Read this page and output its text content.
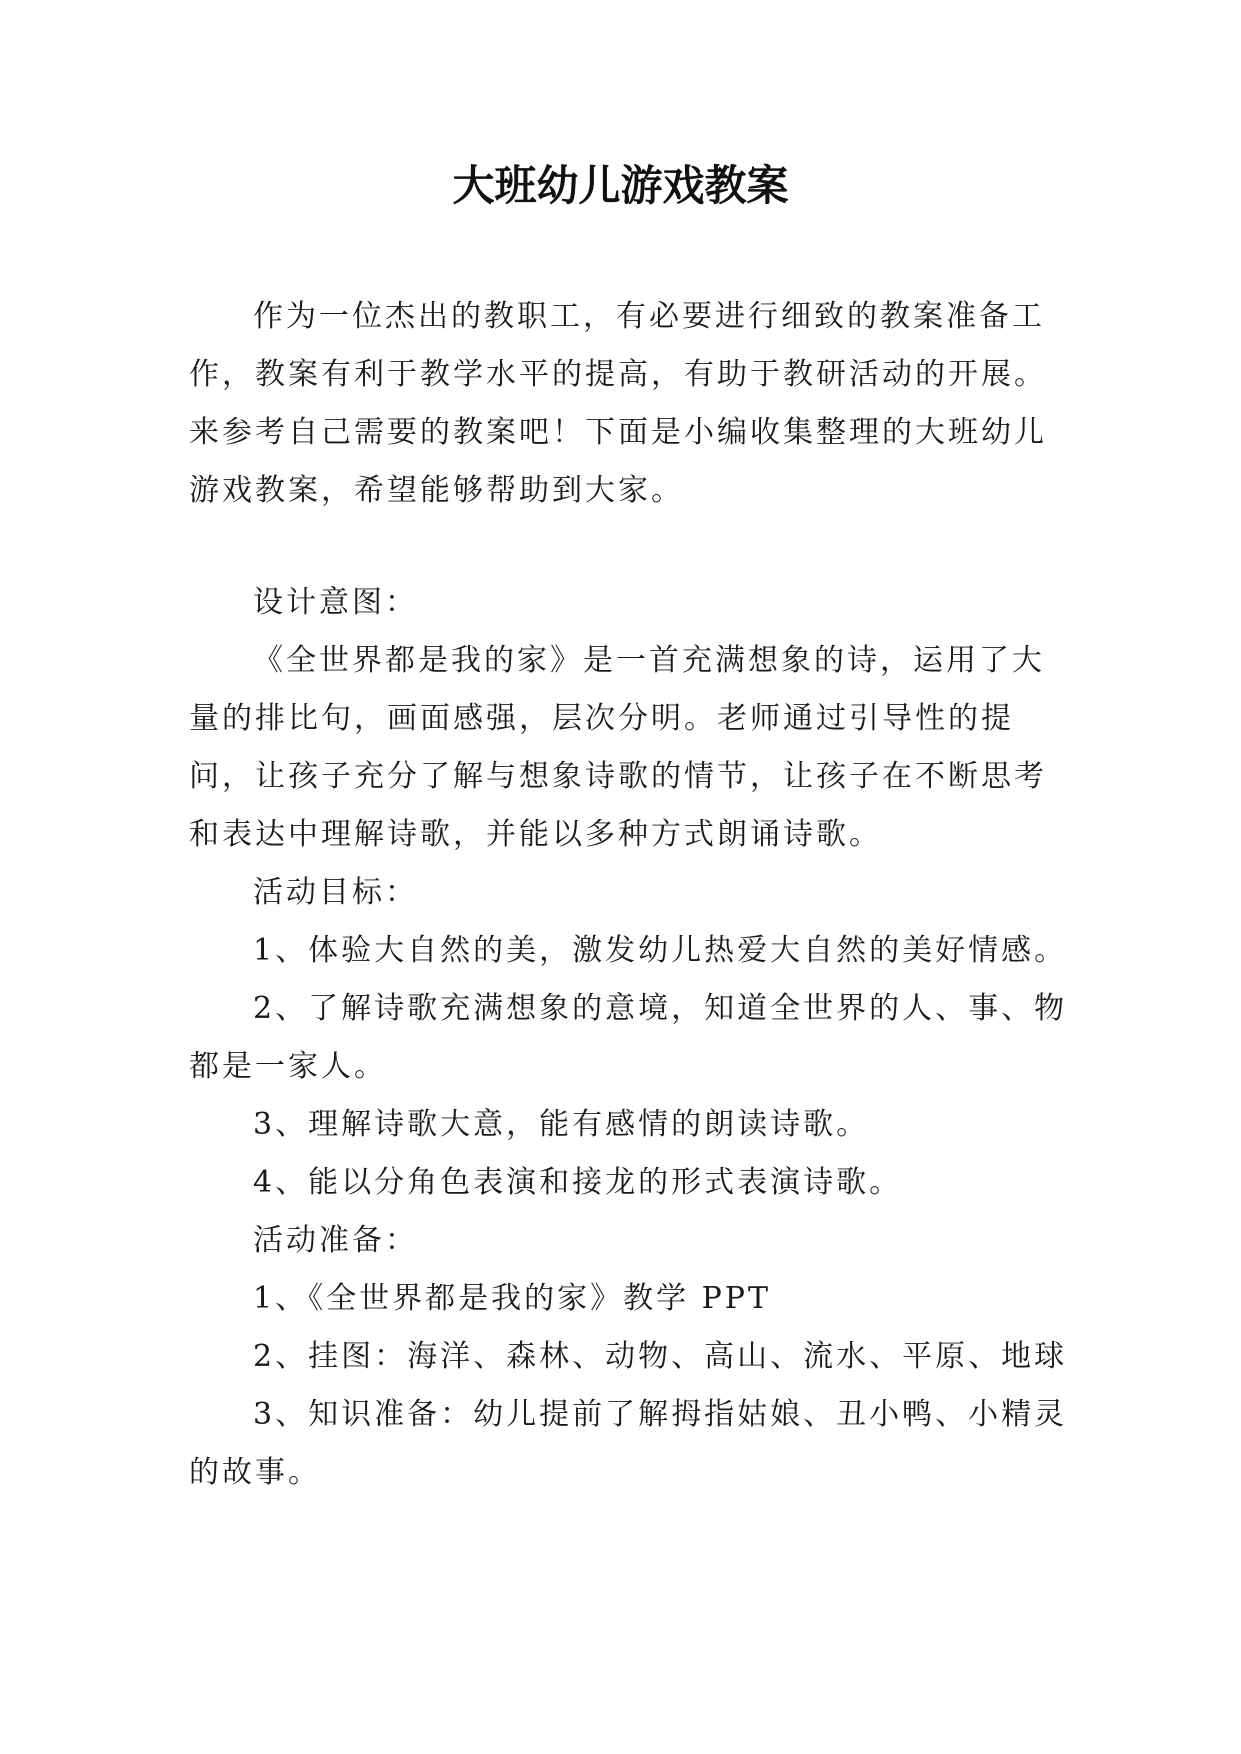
大班幼儿游戏教案

作为一位杰出的教职工，有必要进行细致的教案准备工作，教案有利于教学水平的提高，有助于教研活动的开展。来参考自己需要的教案吧！下面是小编收集整理的大班幼儿游戏教案，希望能够帮助到大家。

设计意图：

《全世界都是我的家》是一首充满想象的诗，运用了大量的排比句，画面感强，层次分明。老师通过引导性的提问，让孩子充分了解与想象诗歌的情节，让孩子在不断思考和表达中理解诗歌，并能以多种方式朗诵诗歌。

活动目标：

1、体验大自然的美，激发幼儿热爱大自然的美好情感。

2、了解诗歌充满想象的意境，知道全世界的人、事、物都是一家人。

3、理解诗歌大意，能有感情的朗读诗歌。

4、能以分角色表演和接龙的形式表演诗歌。

活动准备：

1、《全世界都是我的家》教学 PPT

2、挂图：海洋、森林、动物、高山、流水、平原、地球

3、知识准备：幼儿提前了解拇指姑娘、丑小鸭、小精灵的故事。
